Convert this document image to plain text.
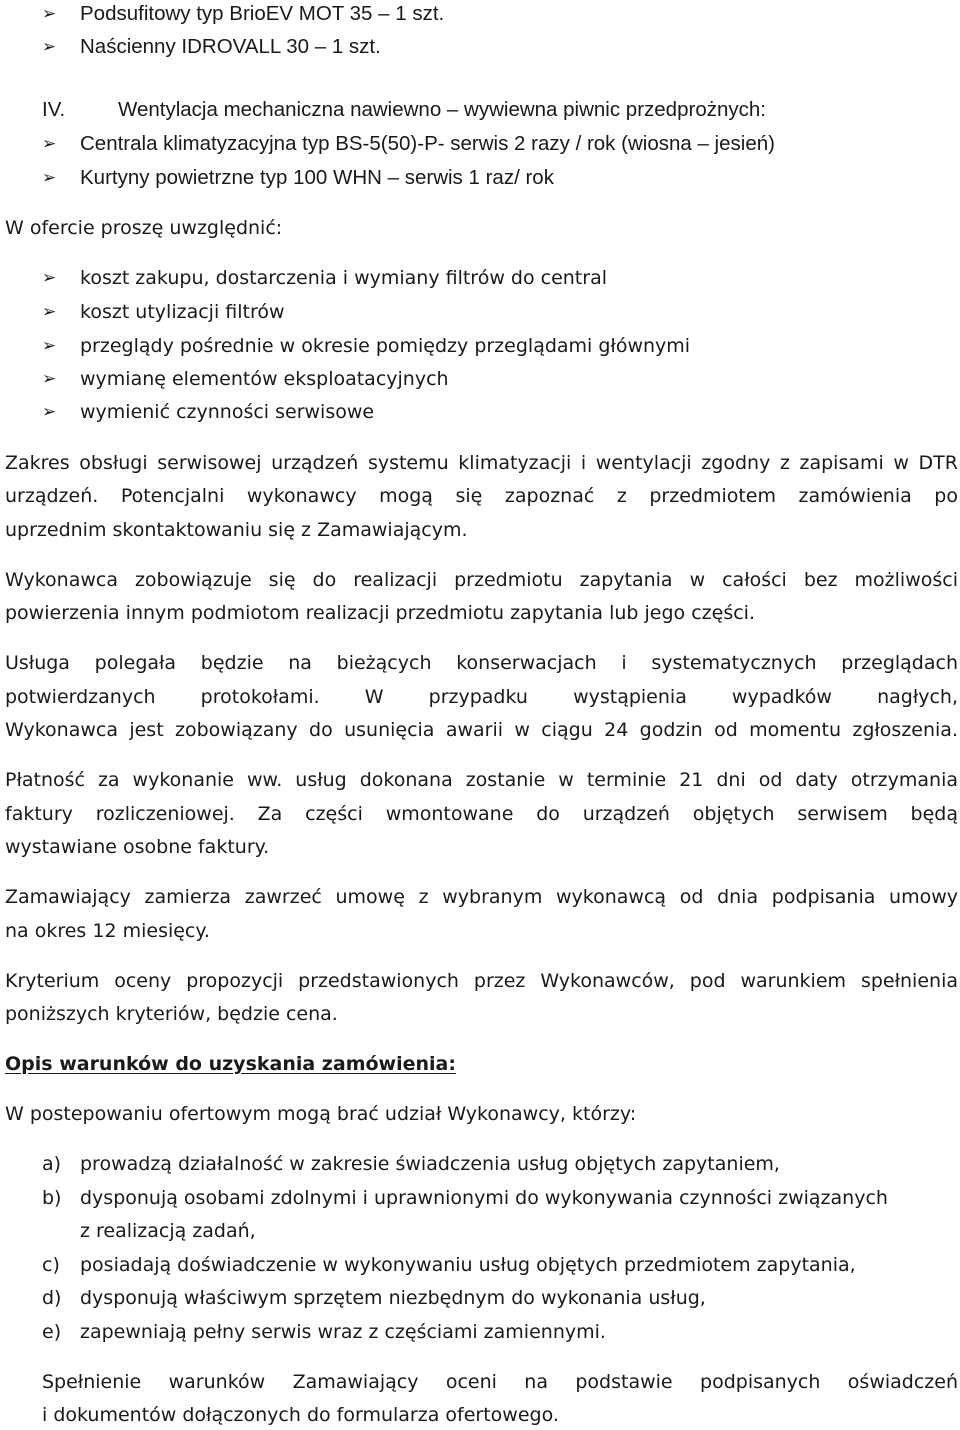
➢ Podsufitowy typ BrioEV MOT 35 – 1 szt.
➢ Naścienny IDROVALL 30 – 1 szt.
IV.	Wentylacja mechaniczna nawiewno – wywiewna piwnic przedprożnych:
➢ Centrala klimatyzacyjna typ BS-5(50)-P- serwis 2 razy / rok (wiosna – jesień)
➢ Kurtyny powietrzne typ 100 WHN – serwis 1 raz/ rok
W ofercie proszę uwzględnić:
➢ koszt zakupu, dostarczenia i wymiany filtrów do central
➢ koszt utylizacji filtrów
➢ przeglądy pośrednie w okresie pomiędzy przeglądami głównymi
➢ wymianę elementów eksploatacyjnych
➢ wymienić czynności serwisowe
Zakres obsługi serwisowej urządzeń systemu klimatyzacji i wentylacji zgodny z zapisami w DTR
urządzeń. Potencjalni wykonawcy mogą się zapoznać z przedmiotem zamówienia po
uprzednim skontaktowaniu się z Zamawiającym.
Wykonawca zobowiązuje się do realizacji przedmiotu zapytania w całości bez możliwości
powierzenia innym podmiotom realizacji przedmiotu zapytania lub jego części.
Usługa polegała będzie na bieżących konserwacjach i systematycznych przeglądach
potwierdzanych protokołami. W przypadku wystąpienia wypadków nagłych,
Wykonawca jest zobowiązany do usunięcia awarii w ciągu 24 godzin od momentu zgłoszenia.
Płatność za wykonanie ww. usług dokonana zostanie w terminie 21 dni od daty otrzymania
faktury rozliczeniowej. Za części wmontowane do urządzeń objętych serwisem będą
wystawiane osobne faktury.
Zamawiający zamierza zawrzeć umowę z wybranym wykonawcą od dnia podpisania umowy
na okres 12 miesięcy.
Kryterium oceny propozycji przedstawionych przez Wykonawców, pod warunkiem spełnienia
poniższych kryteriów, będzie cena.
Opis warunków do uzyskania zamówienia:
W postepowaniu ofertowym mogą brać udział Wykonawcy, którzy:
a) prowadzą działalność w zakresie świadczenia usług objętych zapytaniem,
b) dysponują osobami zdolnymi i uprawnionymi do wykonywania czynności związanych
z realizacją zadań,
c) posiadają doświadczenie w wykonywaniu usług objętych przedmiotem zapytania,
d) dysponują właściwym sprzętem niezbędnym do wykonania usług,
e) zapewniają pełny serwis wraz z częściami zamiennymi.
Spełnienie warunków Zamawiający oceni na podstawie podpisanych oświadczeń
i dokumentów dołączonych do formularza ofertowego.
